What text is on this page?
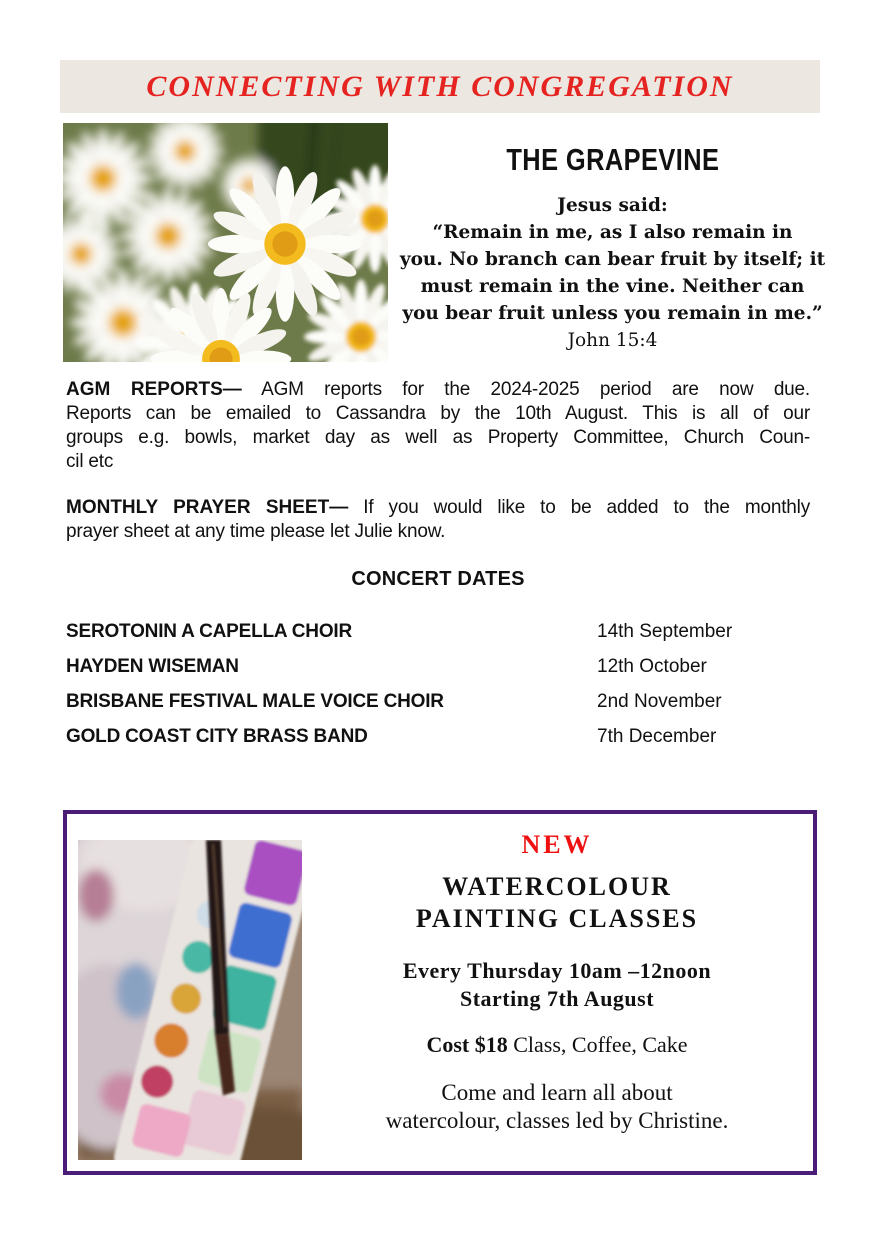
CONNECTING WITH CONGREGATION
THE GRAPEVINE
Jesus said:
“Remain in me, as I also remain in
you. No branch can bear fruit by itself; it
must remain in the vine. Neither can
you bear fruit unless you remain in me.”
John 15:4
AGM REPORTS— AGM reports for the 2024-2025 period are now due.
Reports can be emailed to Cassandra by the 10th August. This is all of our
groups e.g. bowls, market day as well as Property Committee, Church Coun-
cil etc
MONTHLY PRAYER SHEET— If you would like to be added to the monthly
prayer sheet at any time please let Julie know.
CONCERT DATES
SEROTONIN A CAPELLA CHOIR	14th September
HAYDEN WISEMAN	12th October
BRISBANE FESTIVAL MALE VOICE CHOIR	2nd November
GOLD COAST CITY BRASS BAND	7th December
NEW
WATERCOLOUR
PAINTING CLASSES
Every Thursday 10am –12noon
Starting 7th August
Cost $18 Class, Coffee, Cake
Come and learn all about
watercolour, classes led by Christine.
